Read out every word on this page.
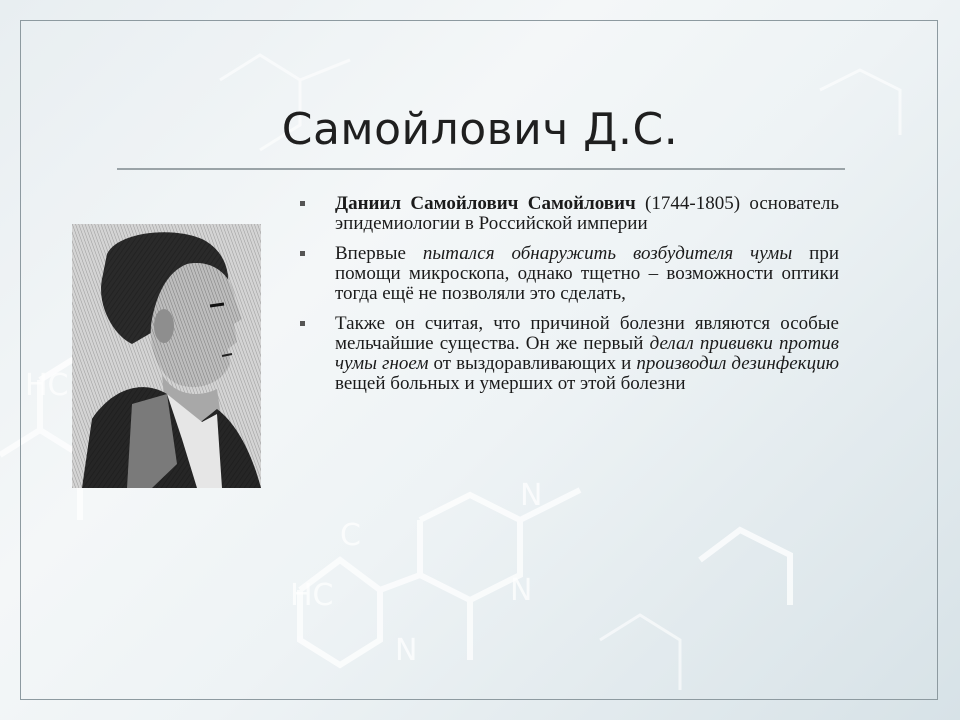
HC
HC
C
N
N
N
Самойлович Д.С.
Даниил Самойлович Самойлович (1744-1805) основатель эпидемиологии в Российской империи
Впервые пытался обнаружить возбудителя чумы при помощи микроскопа, однако тщетно – возможности оптики тогда ещё не позволяли это сделать,
Также он считая, что причиной болезни являются особые мельчайшие существа. Он же первый делал прививки против чумы гноем от выздоравливающих и производил дезинфекцию вещей больных и умерших от этой болезни
